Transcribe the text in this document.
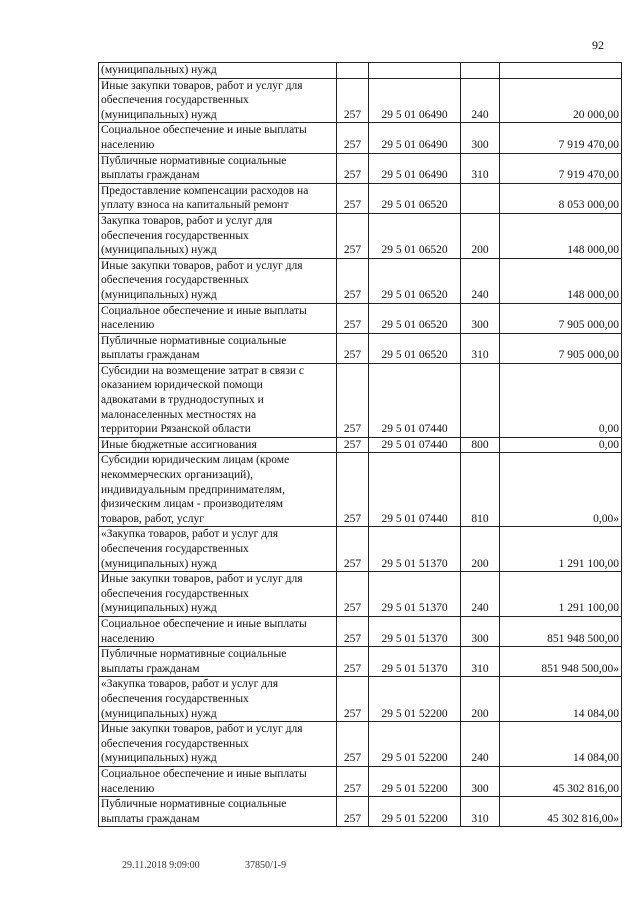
92
(муниципальных) нужд				
Иные закупки товаров, работ и услуг для
обеспечения государственных
(муниципальных) нужд	257	29 5 01 06490	240	20 000,00
Социальное обеспечение и иные выплаты
населению	257	29 5 01 06490	300	7 919 470,00
Публичные нормативные социальные
выплаты гражданам	257	29 5 01 06490	310	7 919 470,00
Предоставление компенсации расходов на
уплату взноса на капитальный ремонт	257	29 5 01 06520		8 053 000,00
Закупка товаров, работ и услуг для
обеспечения государственных
(муниципальных) нужд	257	29 5 01 06520	200	148 000,00
Иные закупки товаров, работ и услуг для
обеспечения государственных
(муниципальных) нужд	257	29 5 01 06520	240	148 000,00
Социальное обеспечение и иные выплаты
населению	257	29 5 01 06520	300	7 905 000,00
Публичные нормативные социальные
выплаты гражданам	257	29 5 01 06520	310	7 905 000,00
Субсидии на возмещение затрат в связи с
оказанием юридической помощи
адвокатами в труднодоступных и
малонаселенных местностях на
территории Рязанской области	257	29 5 01 07440		0,00
Иные бюджетные ассигнования	257	29 5 01 07440	800	0,00
Субсидии юридическим лицам (кроме
некоммерческих организаций),
индивидуальным предпринимателям,
физическим лицам - производителям
товаров, работ, услуг	257	29 5 01 07440	810	0,00»
«Закупка товаров, работ и услуг для
обеспечения государственных
(муниципальных) нужд	257	29 5 01 51370	200	1 291 100,00
Иные закупки товаров, работ и услуг для
обеспечения государственных
(муниципальных) нужд	257	29 5 01 51370	240	1 291 100,00
Социальное обеспечение и иные выплаты
населению	257	29 5 01 51370	300	851 948 500,00
Публичные нормативные социальные
выплаты гражданам	257	29 5 01 51370	310	851 948 500,00»
«Закупка товаров, работ и услуг для
обеспечения государственных
(муниципальных) нужд	257	29 5 01 52200	200	14 084,00
Иные закупки товаров, работ и услуг для
обеспечения государственных
(муниципальных) нужд	257	29 5 01 52200	240	14 084,00
Социальное обеспечение и иные выплаты
населению	257	29 5 01 52200	300	45 302 816,00
Публичные нормативные социальные
выплаты гражданам	257	29 5 01 52200	310	45 302 816,00»
29.11.2018 9:09:00	37850/1-9
